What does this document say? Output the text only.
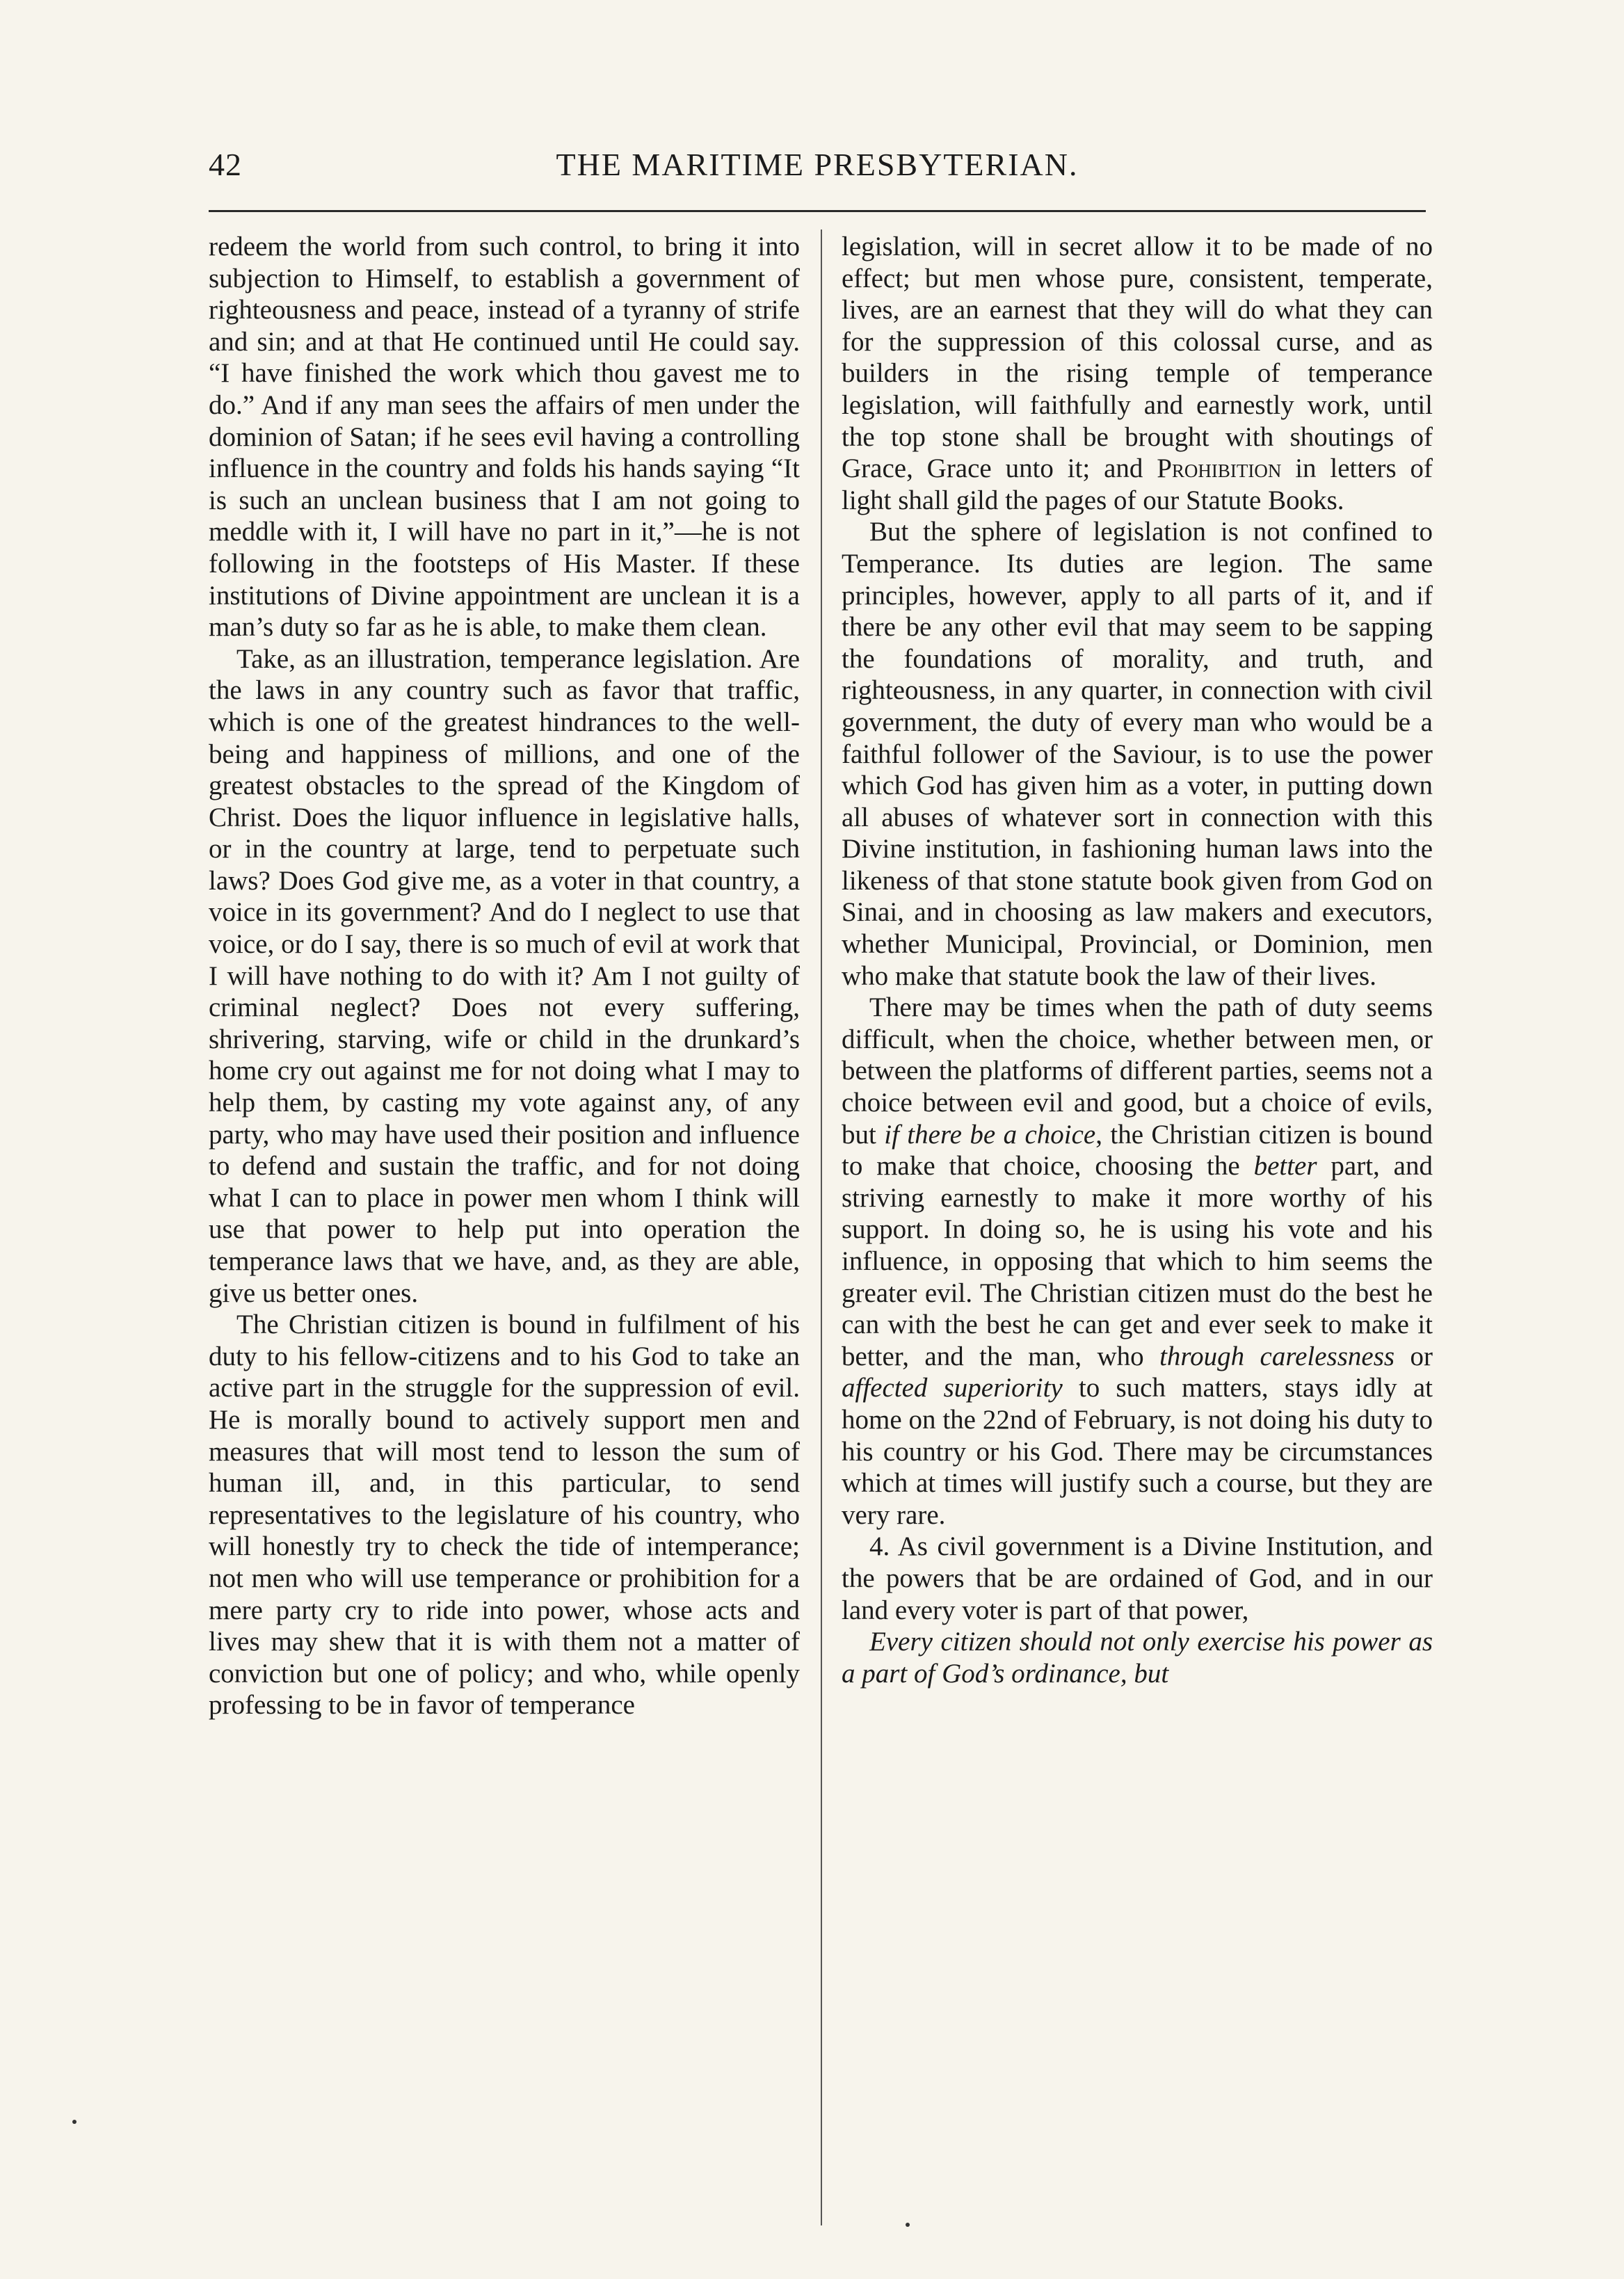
42	THE MARITIME PRESBYTERIAN.

redeem the world from such control, to bring it into subjection to Himself, to establish a government of righteousness and peace, instead of a tyranny of strife and sin; and at that He continued until He could say. “I have finished the work which thou gavest me to do.” And if any man sees the affairs of men under the dominion of Satan; if he sees evil having a controlling influence in the country and folds his hands saying “It is such an unclean business that I am not going to meddle with it, I will have no part in it,”—he is not following in the footsteps of His Master. If these institutions of Divine appointment are unclean it is a man’s duty so far as he is able, to make them clean.

Take, as an illustration, temperance legislation. Are the laws in any country such as favor that traffic, which is one of the greatest hindrances to the well-being and happiness of millions, and one of the greatest obstacles to the spread of the Kingdom of Christ. Does the liquor influence in legislative halls, or in the country at large, tend to perpetuate such laws? Does God give me, as a voter in that country, a voice in its government? And do I neglect to use that voice, or do I say, there is so much of evil at work that I will have nothing to do with it? Am I not guilty of criminal neglect? Does not every suffering, shrivering, starving, wife or child in the drunkard’s home cry out against me for not doing what I may to help them, by casting my vote against any, of any party, who may have used their position and influence to defend and sustain the traffic, and for not doing what I can to place in power men whom I think will use that power to help put into operation the temperance laws that we have, and, as they are able, give us better ones.

The Christian citizen is bound in fulfilment of his duty to his fellow-citizens and to his God to take an active part in the struggle for the suppression of evil. He is morally bound to actively support men and measures that will most tend to lesson the sum of human ill, and, in this particular, to send representatives to the legislature of his country, who will honestly try to check the tide of intemperance; not men who will use temperance or prohibition for a mere party cry to ride into power, whose acts and lives may shew that it is with them not a matter of conviction but one of policy; and who, while openly professing to be in favor of temperance

legislation, will in secret allow it to be made of no effect; but men whose pure, consistent, temperate, lives, are an earnest that they will do what they can for the suppression of this colossal curse, and as builders in the rising temple of temperance legislation, will faithfully and earnestly work, until the top stone shall be brought with shoutings of Grace, Grace unto it; and Prohibition in letters of light shall gild the pages of our Statute Books.

But the sphere of legislation is not confined to Temperance. Its duties are legion. The same principles, however, apply to all parts of it, and if there be any other evil that may seem to be sapping the foundations of morality, and truth, and righteousness, in any quarter, in connection with civil government, the duty of every man who would be a faithful follower of the Saviour, is to use the power which God has given him as a voter, in putting down all abuses of whatever sort in connection with this Divine institution, in fashioning human laws into the likeness of that stone statute book given from God on Sinai, and in choosing as law makers and executors, whether Municipal, Provincial, or Dominion, men who make that statute book the law of their lives.

There may be times when the path of duty seems difficult, when the choice, whether between men, or between the platforms of different parties, seems not a choice between evil and good, but a choice of evils, but if there be a choice, the Christian citizen is bound to make that choice, choosing the better part, and striving earnestly to make it more worthy of his support. In doing so, he is using his vote and his influence, in opposing that which to him seems the greater evil. The Christian citizen must do the best he can with the best he can get and ever seek to make it better, and the man, who through carelessness or affected superiority to such matters, stays idly at home on the 22nd of February, is not doing his duty to his country or his God. There may be circumstances which at times will justify such a course, but they are very rare.

4. As civil government is a Divine Institution, and the powers that be are ordained of God, and in our land every voter is part of that power,

Every citizen should not only exercise his power as a part of God’s ordinance, but
